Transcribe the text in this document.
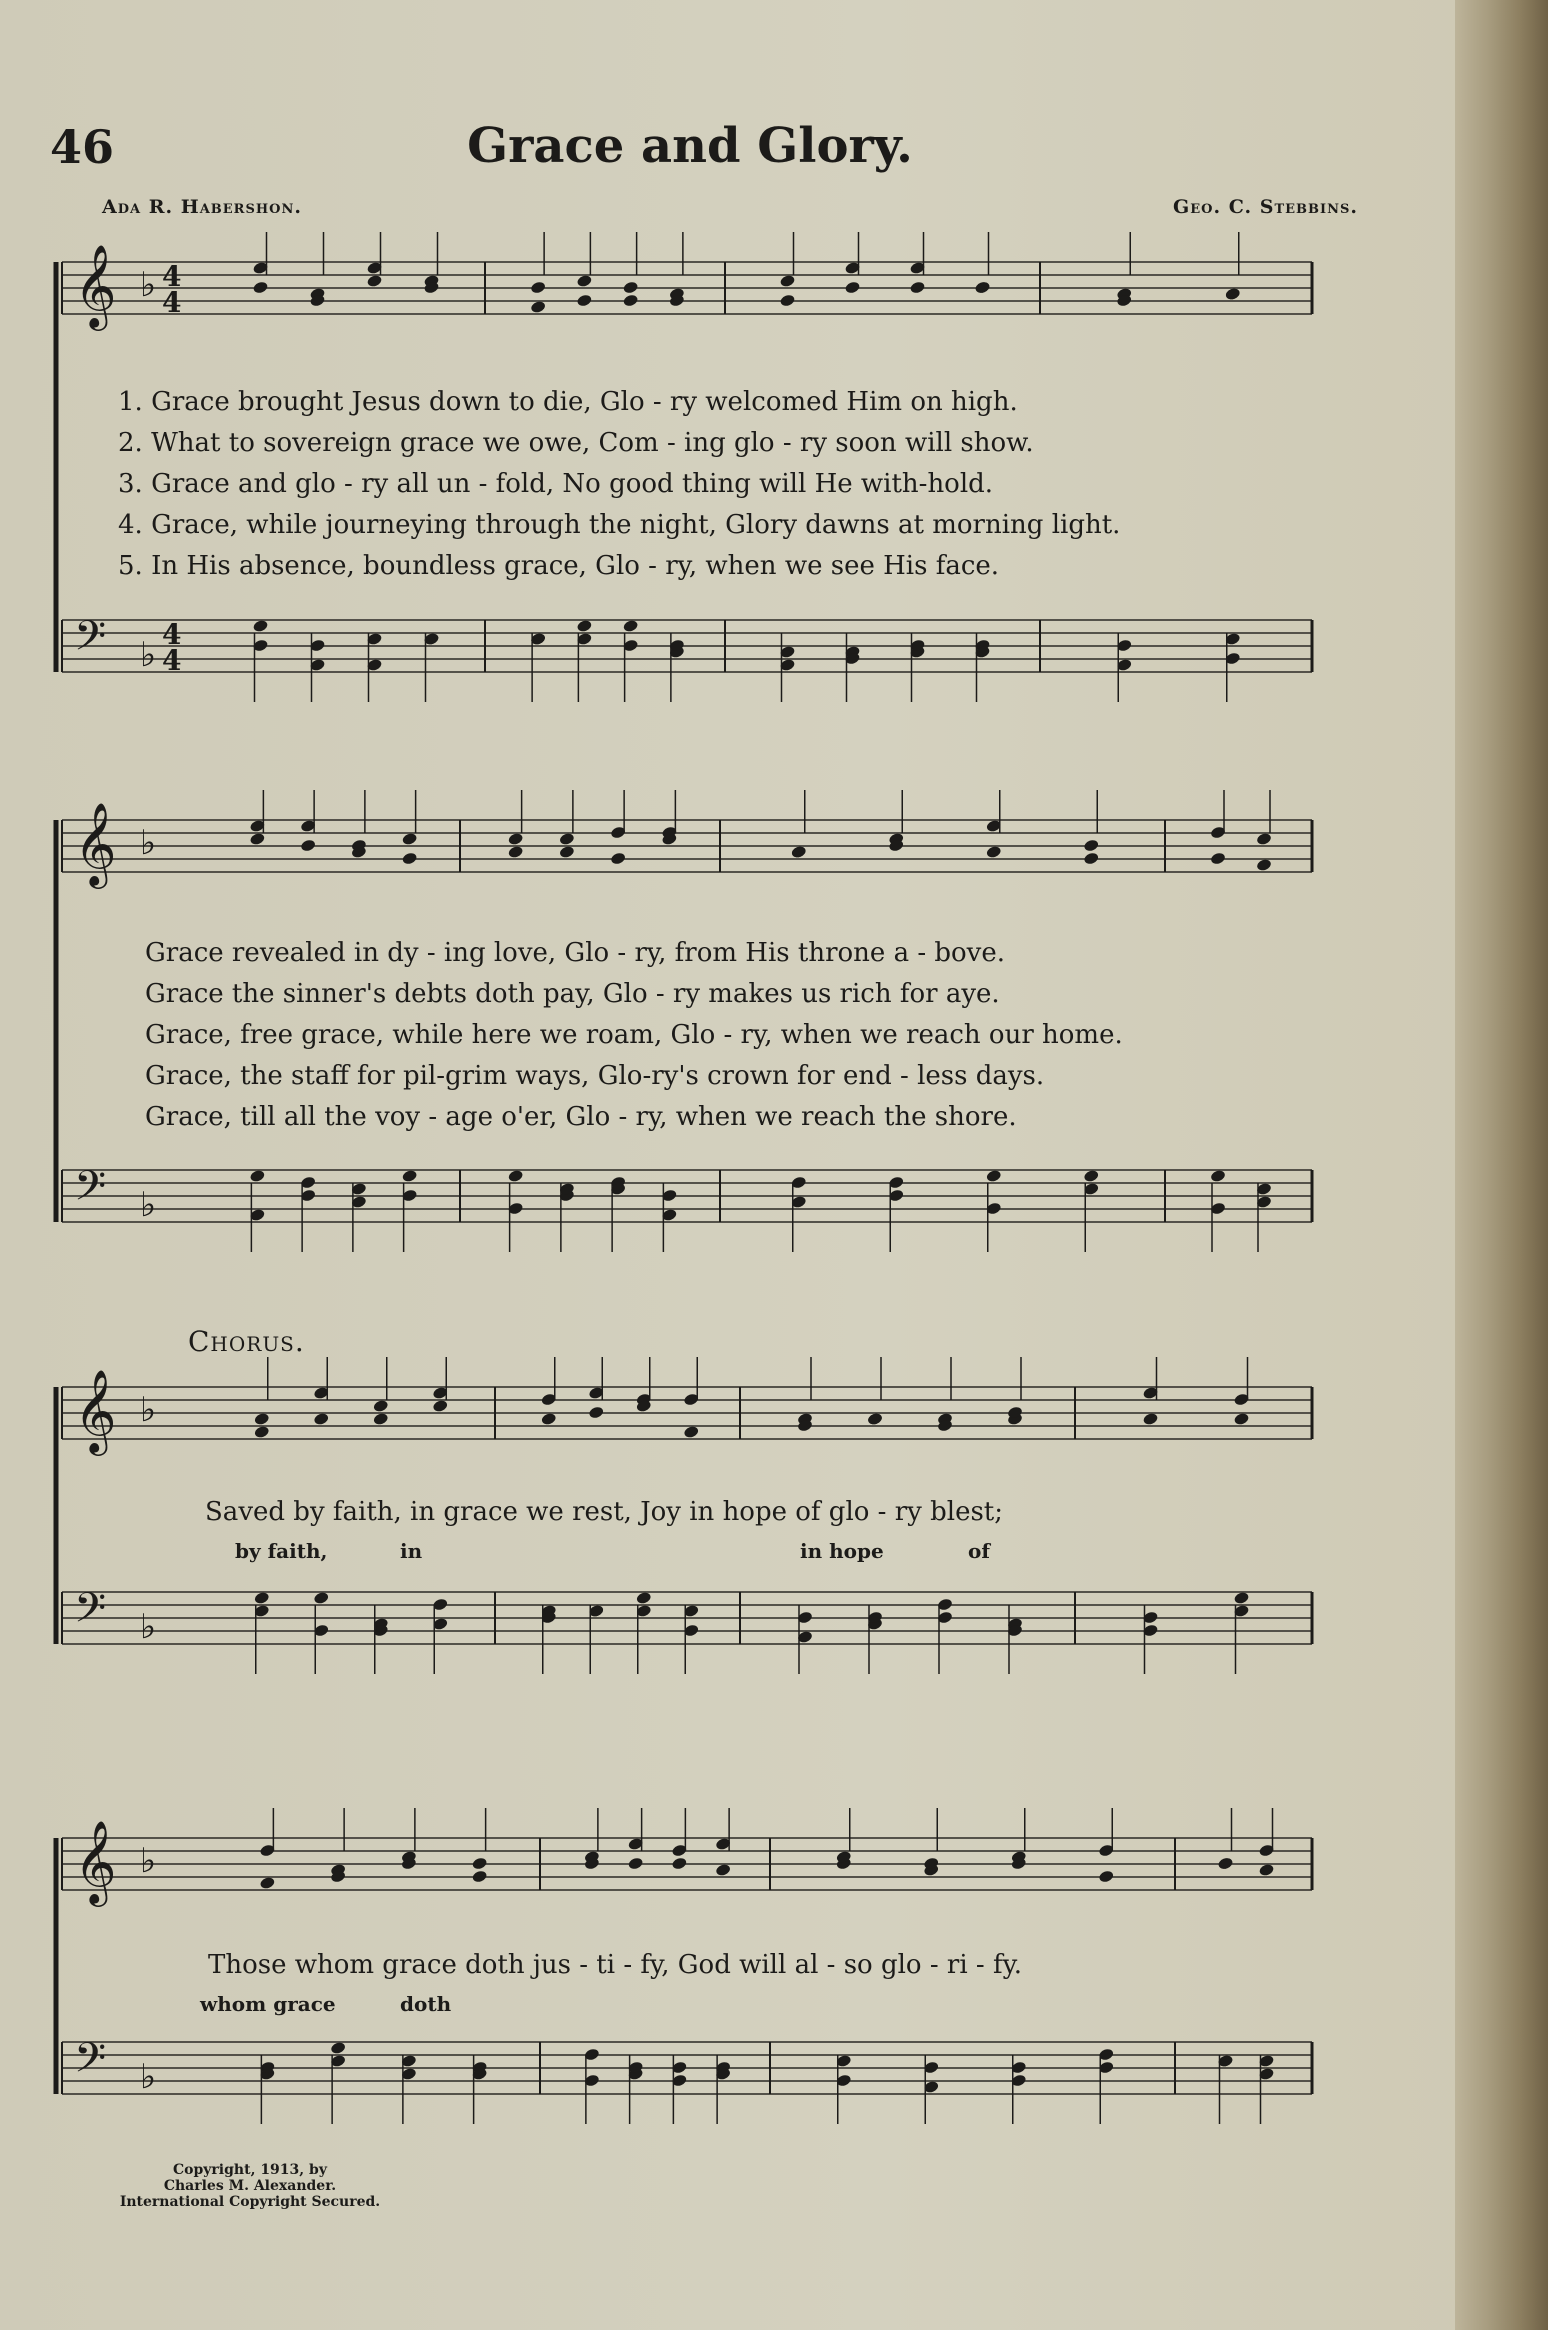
46	Grace and Glory.
Ada R. Habershon.	Geo. C. Stebbins.
𝄞 ♭ 4
4
𝄢 ♭
4
4
𝄞 ♭
𝄢 ♭
𝄞 ♭
𝄢 ♭
𝄞 ♭
𝄢 ♭
1. Grace brought Jesus down to die, Glo - ry welcomed Him on high.
2. What to sovereign grace we owe, Com - ing glo - ry soon will show.
3. Grace and glo - ry all un - fold, No good thing will He with-hold.
4. Grace, while journeying through the night, Glory dawns at morning light.
5. In His absence, boundless grace, Glo - ry, when we see His face.
Grace revealed in dy - ing love, Glo - ry, from His throne a - bove.
Grace the sinner's debts doth pay, Glo - ry makes us rich for aye.
Grace, free grace, while here we roam, Glo - ry, when we reach our home.
Grace, the staff for pil-grim ways, Glo-ry's crown for end - less days.
Grace, till all the voy - age o'er, Glo - ry, when we reach the shore.
Chorus.
Saved by faith, in grace we rest, Joy in hope of glo - ry blest;
by faith,	in	in hope	of
Those whom grace doth jus - ti - fy, God will al - so glo - ri - fy.
whom grace	doth
Copyright, 1913, by
Charles M. Alexander.
International Copyright Secured.
